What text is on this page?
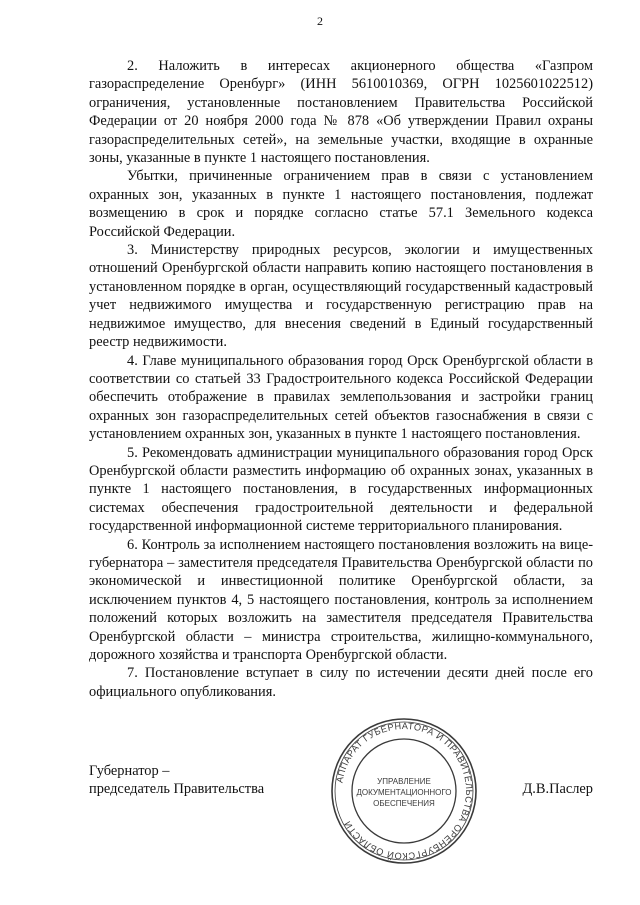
2

2. Наложить в интересах акционерного общества «Газпром газораспределение Оренбург» (ИНН 5610010369, ОГРН 1025601022512) ограничения, установленные постановлением Правительства Российской Федерации от 20 ноября 2000 года № 878 «Об утверждении Правил охраны газораспределительных сетей», на земельные участки, входящие в охранные зоны, указанные в пункте 1 настоящего постановления.

Убытки, причиненные ограничением прав в связи с установлением охранных зон, указанных в пункте 1 настоящего постановления, подлежат возмещению в срок и порядке согласно статье 57.1 Земельного кодекса Российской Федерации.

3. Министерству природных ресурсов, экологии и имущественных отношений Оренбургской области направить копию настоящего постановления в установленном порядке в орган, осуществляющий государственный кадастровый учет недвижимого имущества и государственную регистрацию прав на недвижимое имущество, для внесения сведений в Единый государственный реестр недвижимости.

4. Главе муниципального образования город Орск Оренбургской области в соответствии со статьей 33 Градостроительного кодекса Российской Федерации обеспечить отображение в правилах землепользования и застройки границ охранных зон газораспределительных сетей объектов газоснабжения в связи с установлением охранных зон, указанных в пункте 1 настоящего постановления.

5. Рекомендовать администрации муниципального образования город Орск Оренбургской области разместить информацию об охранных зонах, указанных в пункте 1 настоящего постановления, в государственных информационных системах обеспечения градостроительной деятельности и федеральной государственной информационной системе территориального планирования.

6. Контроль за исполнением настоящего постановления возложить на вице-губернатора – заместителя председателя Правительства Оренбургской области по экономической и инвестиционной политике Оренбургской области, за исключением пунктов 4, 5 настоящего постановления, контроль за исполнением положений которых возложить на заместителя председателя Правительства Оренбургской области – министра строительства, жилищно-коммунального, дорожного хозяйства и транспорта Оренбургской области.

7. Постановление вступает в силу по истечении десяти дней после его официального опубликования.

Губернатор –
председатель Правительства	Д.В.Паслер
АППАРАТ ГУБЕРНАТОРА И ПРАВИТЕЛЬСТВА ОРЕНБУРГСКОЙ ОБЛАСТИ
УПРАВЛЕНИЕ
ДОКУМЕНТАЦИОННОГО
ОБЕСПЕЧЕНИЯ
